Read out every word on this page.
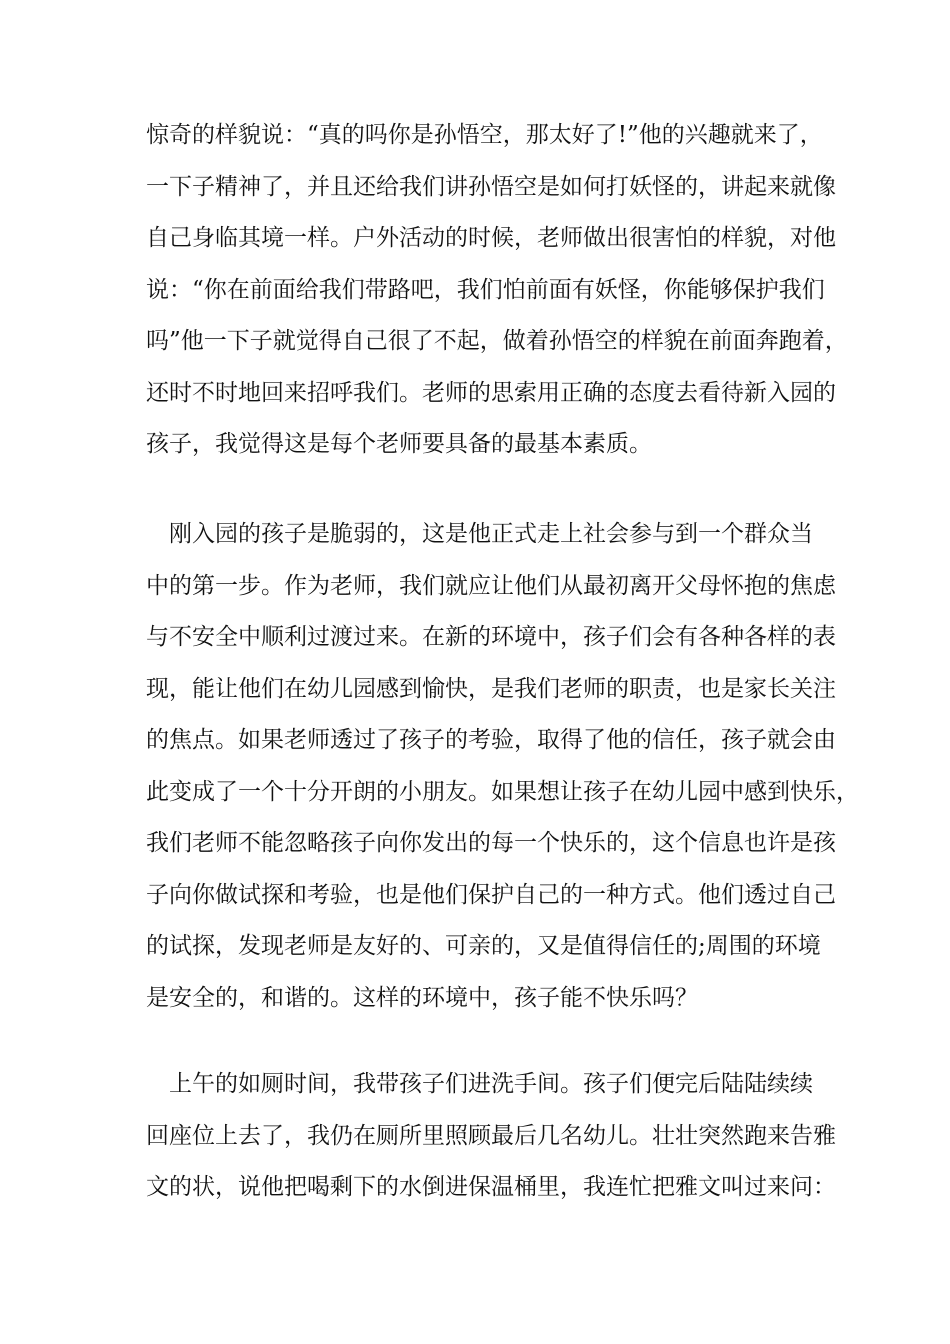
惊奇的样貌说：“真的吗你是孙悟空，那太好了!”他的兴趣就来了，
一下子精神了，并且还给我们讲孙悟空是如何打妖怪的，讲起来就像
自己身临其境一样。户外活动的时候，老师做出很害怕的样貌，对他
说：“你在前面给我们带路吧，我们怕前面有妖怪，你能够保护我们
吗”他一下子就觉得自己很了不起，做着孙悟空的样貌在前面奔跑着，
还时不时地回来招呼我们。老师的思索用正确的态度去看待新入园的
孩子，我觉得这是每个老师要具备的最基本素质。
　刚入园的孩子是脆弱的，这是他正式走上社会参与到一个群众当
中的第一步。作为老师，我们就应让他们从最初离开父母怀抱的焦虑
与不安全中顺利过渡过来。在新的环境中，孩子们会有各种各样的表
现，能让他们在幼儿园感到愉快，是我们老师的职责，也是家长关注
的焦点。如果老师透过了孩子的考验，取得了他的信任，孩子就会由
此变成了一个十分开朗的小朋友。如果想让孩子在幼儿园中感到快乐，
我们老师不能忽略孩子向你发出的每一个快乐的，这个信息也许是孩
子向你做试探和考验，也是他们保护自己的一种方式。他们透过自己
的试探，发现老师是友好的、可亲的，又是值得信任的;周围的环境
是安全的，和谐的。这样的环境中，孩子能不快乐吗？
　上午的如厕时间，我带孩子们进洗手间。孩子们便完后陆陆续续
回座位上去了，我仍在厕所里照顾最后几名幼儿。壮壮突然跑来告雅
文的状，说他把喝剩下的水倒进保温桶里，我连忙把雅文叫过来问：
